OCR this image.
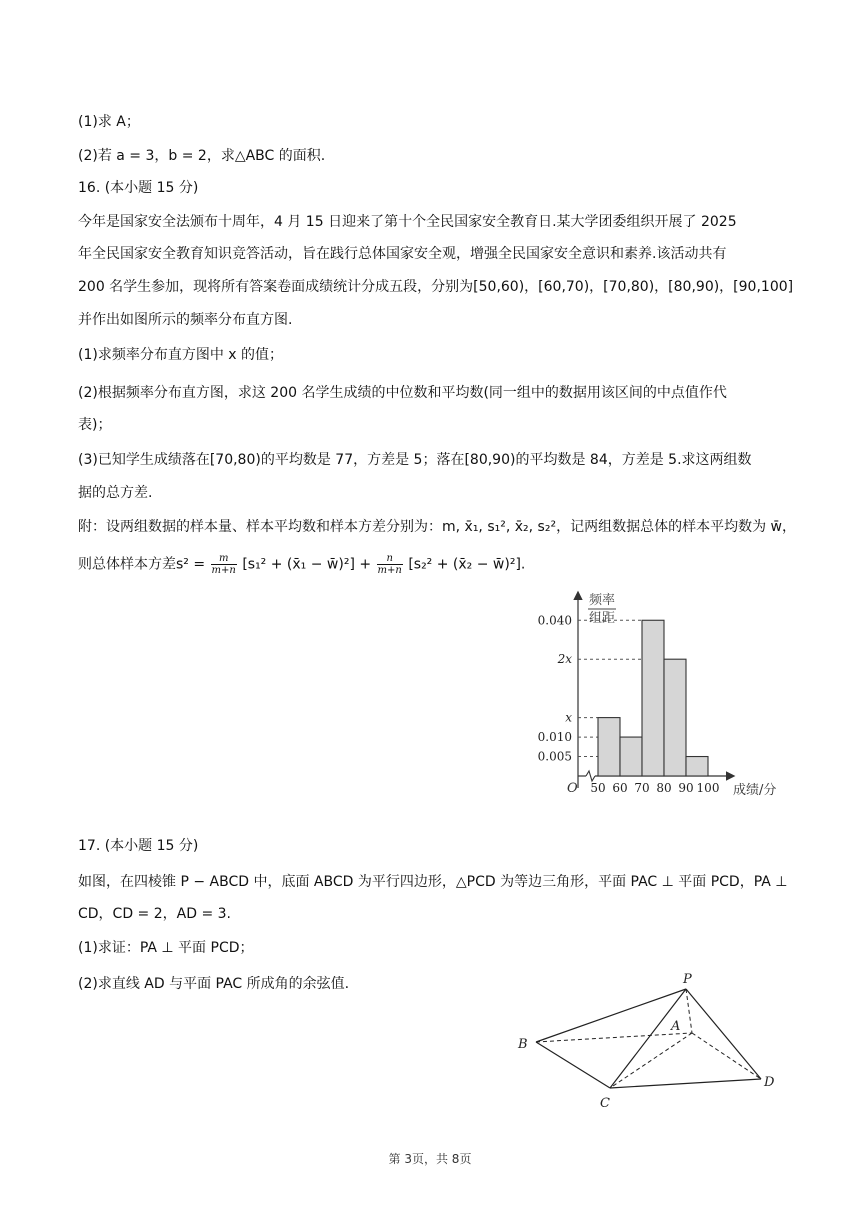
(1)求 A；
(2)若 a = 3，b = 2，求△ABC 的面积.
16. (本小题 15 分)
今年是国家安全法颁布十周年，4 月 15 日迎来了第十个全民国家安全教育日.某大学团委组织开展了 2025
年全民国家安全教育知识竞答活动，旨在践行总体国家安全观，增强全民国家安全意识和素养.该活动共有
200 名学生参加，现将所有答案卷面成绩统计分成五段，分别为[50,60)，[60,70)，[70,80)，[80,90)，[90,100]
并作出如图所示的频率分布直方图.
(1)求频率分布直方图中 x 的值；
(2)根据频率分布直方图，求这 200 名学生成绩的中位数和平均数(同一组中的数据用该区间的中点值作代
表)；
(3)已知学生成绩落在[70,80)的平均数是 77，方差是 5；落在[80,90)的平均数是 84，方差是 5.求这两组数
据的总方差.
附：设两组数据的样本量、样本平均数和样本方差分别为：m, x̄₁, s₁², x̄₂, s₂²，记两组数据总体的样本平均数为 w̄，
则总体样本方差$s^2 = \frac{m}{m+n} [s_1^2$ + (x̄₁ − w̄)²] + $\frac{n}{m+n} [s_2^2$ + (x̄₂ − w̄)²].
x
0.010
0.040
2x
0.005
50 60 70 80 90 100
频率
组距
O	成绩/分
17. (本小题 15 分)
如图，在四棱锥 P − ABCD 中，底面 ABCD 为平行四边形，△PCD 为等边三角形，平面 PAC ⊥ 平面 PCD，PA ⊥
CD，CD = 2，AD = 3.
(1)求证：PA ⊥ 平面 PCD；
(2)求直线 AD 与平面 PAC 所成角的余弦值.	P
A
B
C
D
第 3页，共 8页
